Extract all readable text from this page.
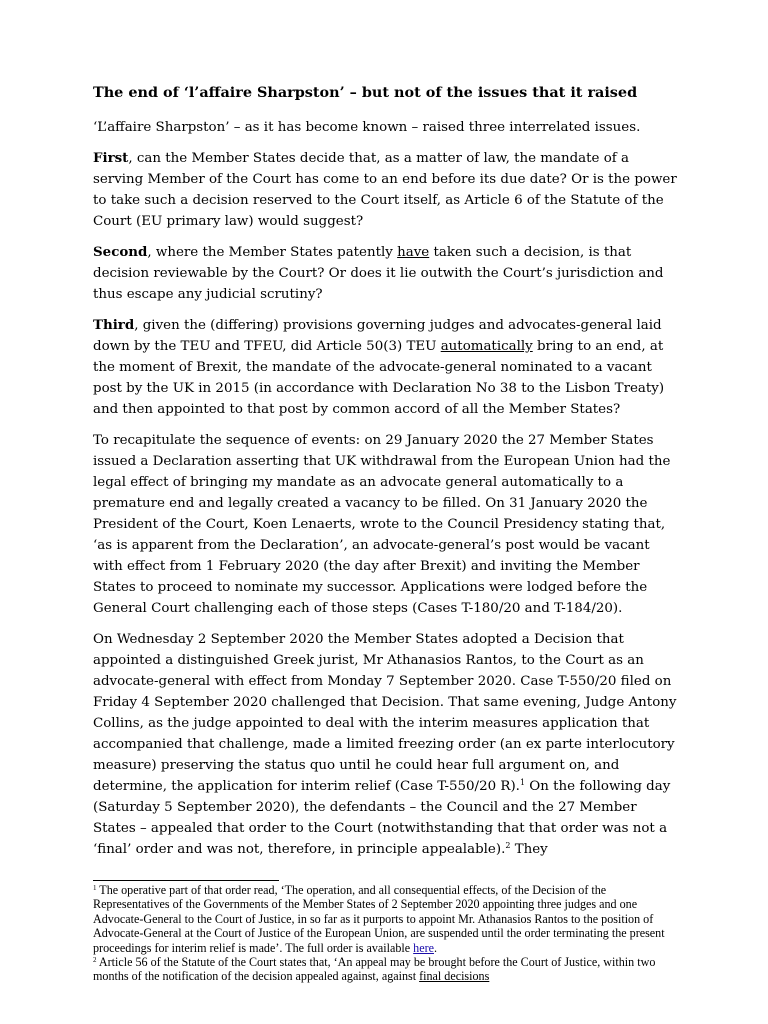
The end of ‘l’affaire Sharpston’ – but not of the issues that it raised

‘L’affaire Sharpston’ – as it has become known – raised three interrelated issues.

First, can the Member States decide that, as a matter of law, the mandate of a serving Member of the Court has come to an end before its due date? Or is the power to take such a decision reserved to the Court itself, as Article 6 of the Statute of the Court (EU primary law) would suggest?

Second, where the Member States patently have taken such a decision, is that decision reviewable by the Court? Or does it lie outwith the Court’s jurisdiction and thus escape any judicial scrutiny?

Third, given the (differing) provisions governing judges and advocates-general laid down by the TEU and TFEU, did Article 50(3) TEU automatically bring to an end, at the moment of Brexit, the mandate of the advocate-general nominated to a vacant post by the UK in 2015 (in accordance with Declaration No 38 to the Lisbon Treaty) and then appointed to that post by common accord of all the Member States?

To recapitulate the sequence of events: on 29 January 2020 the 27 Member States issued a Declaration asserting that UK withdrawal from the European Union had the legal effect of bringing my mandate as an advocate general automatically to a premature end and legally created a vacancy to be filled. On 31 January 2020 the President of the Court, Koen Lenaerts, wrote to the Council Presidency stating that, ‘as is apparent from the Declaration’, an advocate-general’s post would be vacant with effect from 1 February 2020 (the day after Brexit) and inviting the Member States to proceed to nominate my successor. Applications were lodged before the General Court challenging each of those steps (Cases T-180/20 and T-184/20).

On Wednesday 2 September 2020 the Member States adopted a Decision that appointed a distinguished Greek jurist, Mr Athanasios Rantos, to the Court as an advocate-general with effect from Monday 7 September 2020. Case T-550/20 filed on Friday 4 September 2020 challenged that Decision. That same evening, Judge Antony Collins, as the judge appointed to deal with the interim measures application that accompanied that challenge, made a limited freezing order (an ex parte interlocutory measure) preserving the status quo until he could hear full argument on, and determine, the application for interim relief (Case T-550/20 R).$^1$ On the following day (Saturday 5 September 2020), the defendants – the Council and the 27 Member States – appealed that order to the Court (notwithstanding that that order was not a ‘final’ order and was not, therefore, in principle appealable).$^2$ They

$^1$ The operative part of that order read, ‘The operation, and all consequential effects, of the Decision of the Representatives of the Governments of the Member States of 2 September 2020 appointing three judges and one Advocate-General to the Court of Justice, in so far as it purports to appoint Mr. Athanasios Rantos to the position of Advocate-General at the Court of Justice of the European Union, are suspended until the order terminating the present proceedings for interim relief is made’. The full order is available here.

$^2$ Article 56 of the Statute of the Court states that, ‘An appeal may be brought before the Court of Justice, within two months of the notification of the decision appealed against, against final decisions
